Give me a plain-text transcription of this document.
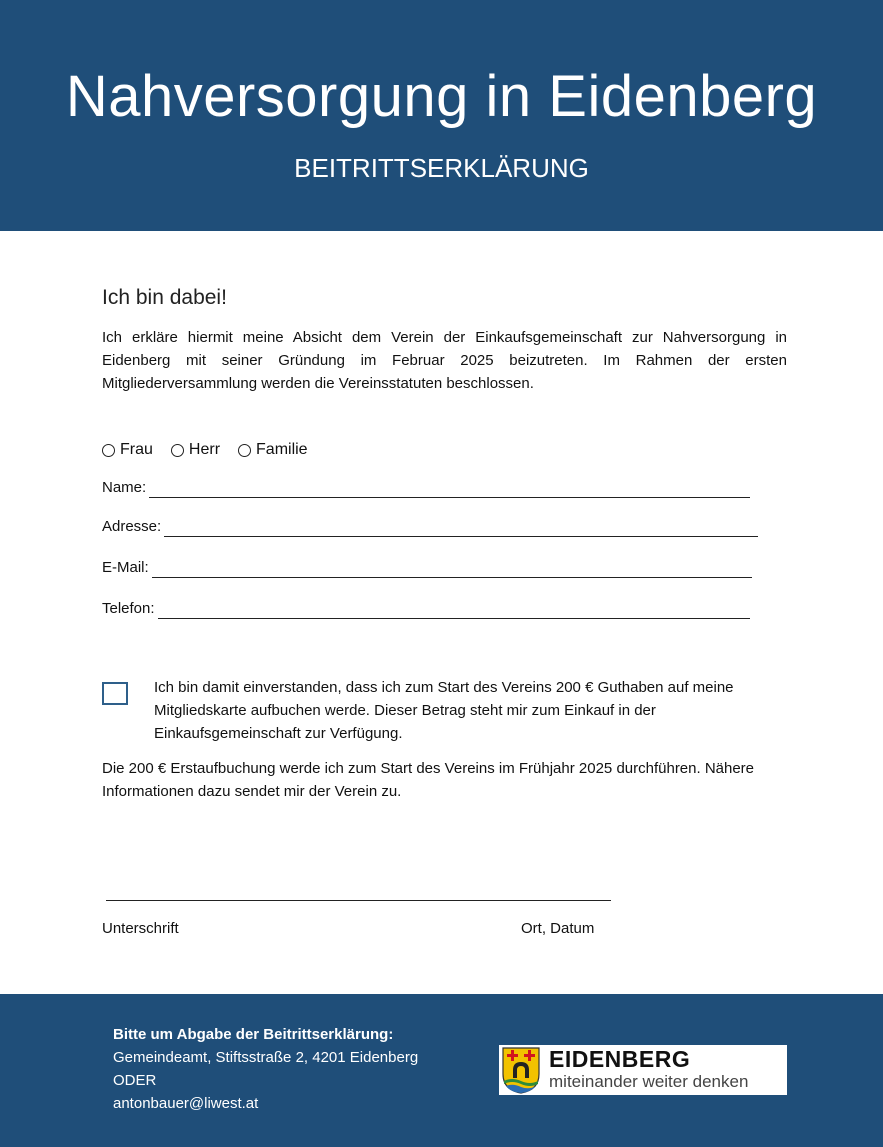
Nahversorgung in Eidenberg
BEITRITTSERKLÄRUNG
Ich bin dabei!

Ich erkläre hiermit meine Absicht dem Verein der Einkaufsgemeinschaft zur Nahversorgung in Eidenberg mit seiner Gründung im Februar 2025 beizutreten. Im Rahmen der ersten Mitgliederversammlung werden die Vereinsstatuten beschlossen.

Frau Herr Familie
Name:
Adresse:
E-Mail:
Telefon:

Ich bin damit einverstanden, dass ich zum Start des Vereins 200 € Guthaben auf meine Mitgliedskarte aufbuchen werde. Dieser Betrag steht mir zum Einkauf in der Einkaufsgemeinschaft zur Verfügung.

Die 200 € Erstaufbuchung werde ich zum Start des Vereins im Frühjahr 2025 durchführen. Nähere Informationen dazu sendet mir der Verein zu.

Unterschrift	Ort, Datum
Bitte um Abgabe der Beitrittserklärung:
Gemeindeamt, Stiftsstraße 2, 4201 Eidenberg
ODER
antonbauer@liwest.at
EIDENBERG
miteinander weiter denken
